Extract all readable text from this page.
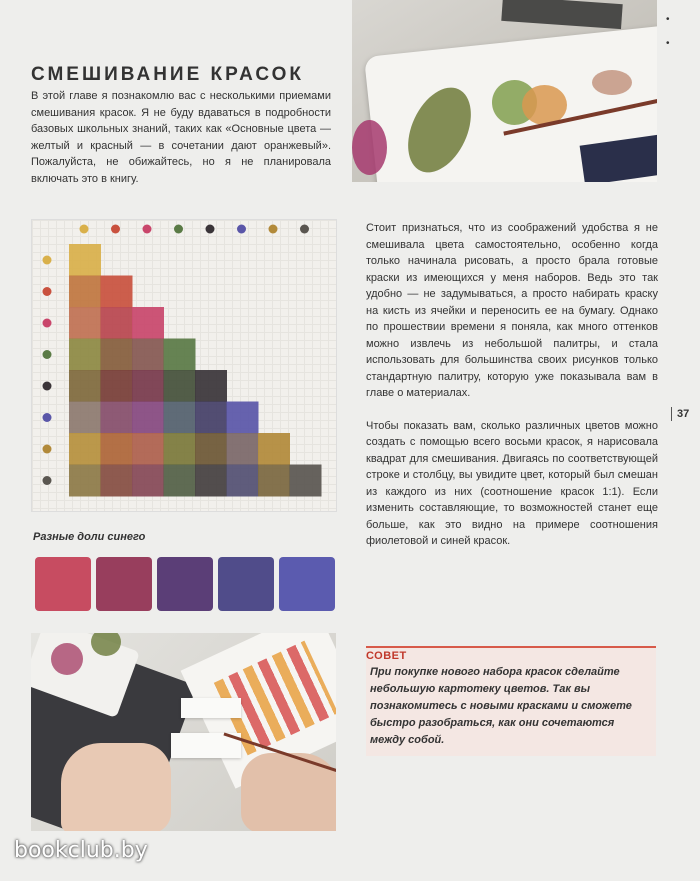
•

•
СМЕШИВАНИЕ КРАСОК

В этой главе я познакомлю вас с несколькими приемами смешивания красок. Я не буду вдаваться в подробности базовых школьных знаний, таких как «Основные цвета — желтый и красный — в сочетании дают оранжевый». Пожалуйста, не обижайтесь, но я не планировала включать это в книгу.

Стоит признаться, что из соображений удобства я не смешивала цвета самостоятельно, особенно когда только начинала рисовать, а просто брала готовые краски из имеющихся у меня наборов. Ведь это так удобно — не задумываться, а просто набирать краску на кисть из ячейки и переносить ее на бумагу. Однако по прошествии времени я поняла, как много оттенков можно извлечь из небольшой палитры, и стала использовать для большинства своих рисунков только стандартную палитру, которую уже показывала вам в главе о материалах.

Чтобы показать вам, сколько различных цветов можно создать с помощью всего восьми красок, я нарисовала квадрат для смешивания. Двигаясь по соответствующей строке и столбцу, вы увидите цвет, который был смешан из каждого из них (соотношение красок 1:1). Если изменить составляющие, то возможностей станет еще больше, как это видно на примере соотношения фиолетовой и синей красок.

37
Разные доли синего
СОВЕТ

При покупке нового набора красок сделайте небольшую картотеку цветов. Так вы познакомитесь с новыми красками и сможете быстро разобраться, как они сочетаются между собой.

bookclub.by
